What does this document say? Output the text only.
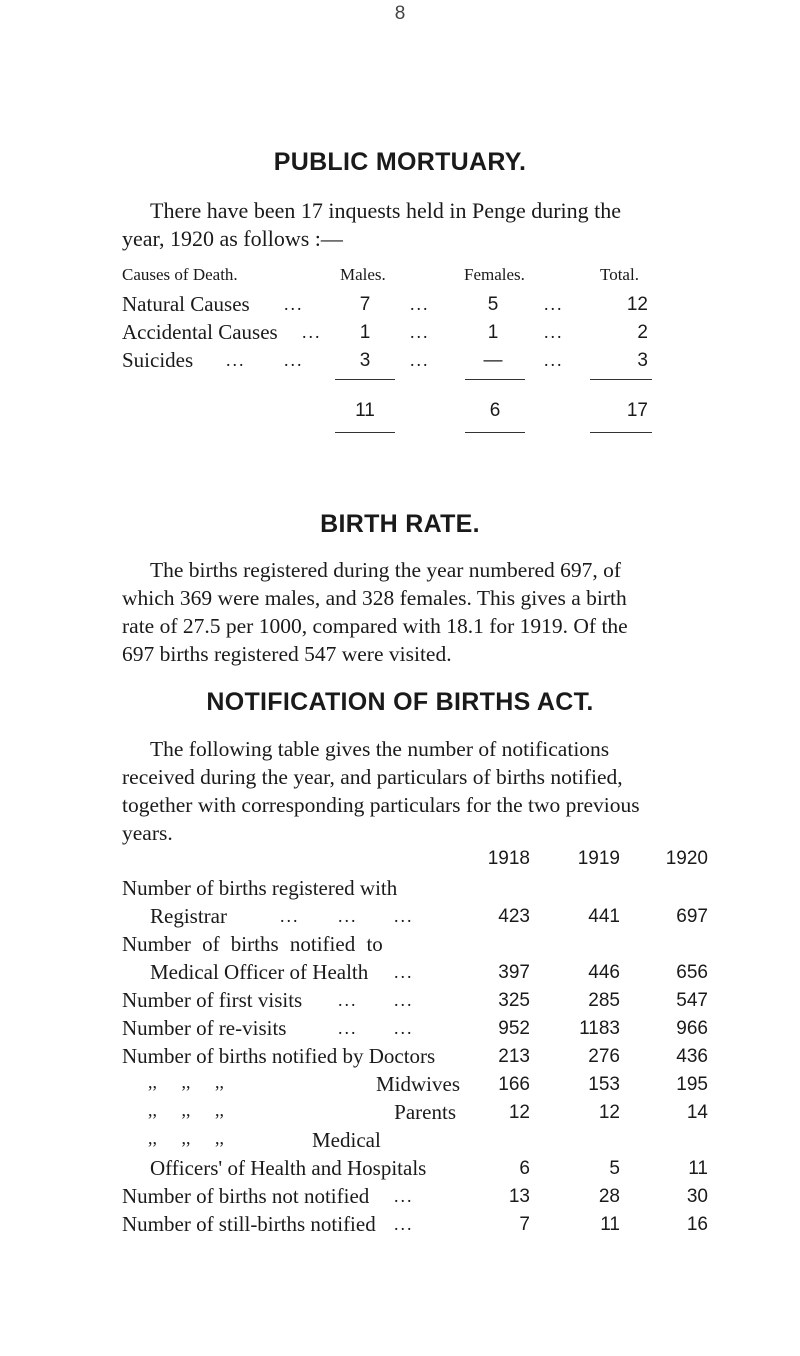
8
PUBLIC MORTUARY.
There have been 17 inquests held in Penge during the
year, 1920 as follows :—
Causes of Death.	Males.	Females.	Total.
Natural Causes ...	7	...	5	...	12
Accidental Causes ...	1	...	1	...	2
Suicides ... ...	3	...	—	...	3
11	6	17
BIRTH RATE.
The births registered during the year numbered 697, of
which 369 were males, and 328 females. This gives a birth
rate of 27.5 per 1000, compared with 18.1 for 1919. Of the
697 births registered 547 were visited.
NOTIFICATION OF BIRTHS ACT.
The following table gives the number of notifications
received during the year, and particulars of births notified,
together with corresponding particulars for the two previous
years.
1918	1919	1920
Number of births registered with
Registrar	... ... ...	423	441	697
Number of births notified to
Medical Officer of Health ...	397	446	656
Number of first visits ... ...	325	285	547
Number of re-visits	... ...	952	1183	966
Number of births notified by Doctors	213	276	436
,, ,, ,,	Midwives	166	153	195
,, ,, ,,	Parents	12	12	14
,, ,, ,,	Medical
Officers' of Health and Hospitals	6	5	11
Number of births not notified ...	13	28	30
Number of still-births notified ...	7	11	16
